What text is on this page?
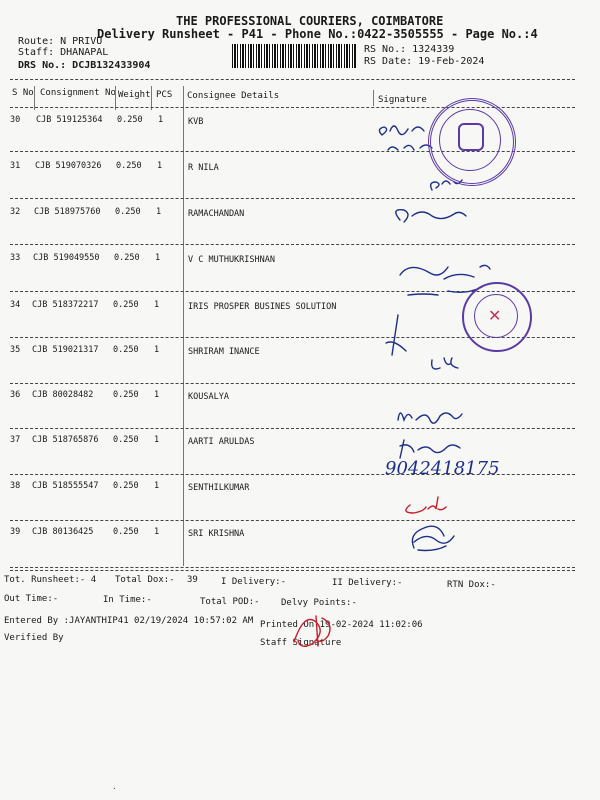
THE PROFESSIONAL COURIERS, COIMBATORE
Delivery Runsheet - P41 - Phone No.:0422-3505555 - Page No.:4
Route: N PRIVU
Staff: DHANAPAL
DRS No.: DCJB132433904
RS No.: 1324339
RS Date: 19-Feb-2024
S No Consignment No Weight PCS Consignee Details	Signature
30 CJB 519125364 0.250 1	KVB
31 CJB 519070326 0.250 1	R NILA
32 CJB 518975760 0.250 1	RAMACHANDAN
33 CJB 519049550 0.250 1	V C MUTHUKRISHNAN
34 CJB 518372217 0.250 1	IRIS PROSPER BUSINES SOLUTION
35 CJB 519021317 0.250 1	SHRIRAM INANCE
36 CJB 80028482 0.250 1	KOUSALYA
37 CJB 518765876 0.250 1	AARTI ARULDAS
38 CJB 518555547 0.250 1	SENTHILKUMAR
39 CJB 80136425 0.250 1	SRI KRISHNA
9042418175
✕
Tot. Runsheet:- 4 Total Dox:- 39	I Delivery:-	II Delivery:-	RTN Dox:-
Out Time:-	In Time:-	Total POD:- Delvy Points:-
Entered By :JAYANTHIP41 02/19/2024 10:57:02 AM Printed On:19-02-2024 11:02:06
Verified By	Staff Signature
·
